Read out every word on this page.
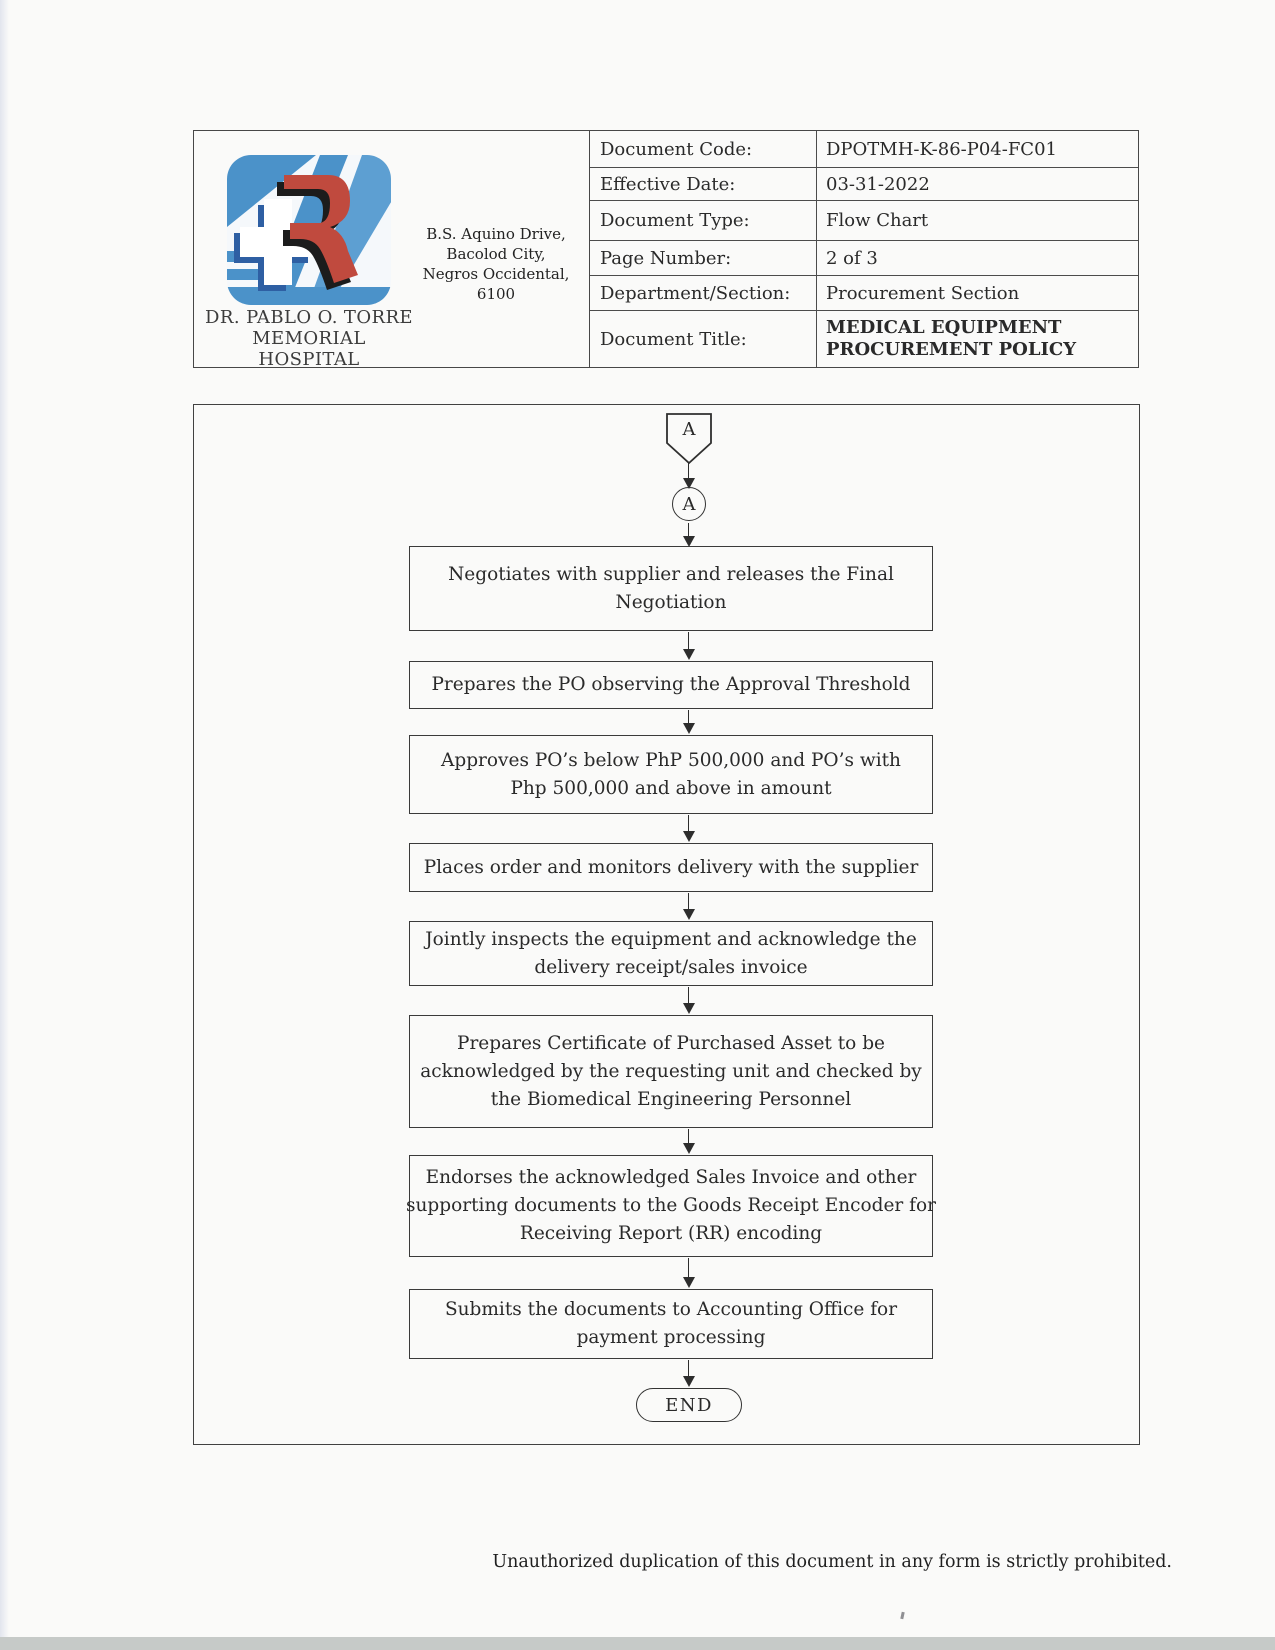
DR. PABLO O. TORRE
MEMORIAL HOSPITAL
B.S. Aquino Drive,
Bacolod City,
Negros Occidental,
6100
Document Code:	DPOTMH-K-86-P04-FC01
Effective Date:	03-31-2022
Document Type:	Flow Chart
Page Number:	2 of 3
Department/Section:	Procurement Section
Document Title:
MEDICAL EQUIPMENT
PROCUREMENT POLICY
A
A
Negotiates with supplier and releases the Final
Negotiation
Prepares the PO observing the Approval Threshold
Approves PO’s below PhP 500,000 and PO’s with
Php 500,000 and above in amount
Places order and monitors delivery with the supplier
Jointly inspects the equipment and acknowledge the
delivery receipt/sales invoice
Prepares Certificate of Purchased Asset to be
acknowledged by the requesting unit and checked by
the Biomedical Engineering Personnel
Endorses the acknowledged Sales Invoice and other
supporting documents to the Goods Receipt Encoder for
Receiving Report (RR) encoding
Submits the documents to Accounting Office for
payment processing
END
Unauthorized duplication of this document in any form is strictly prohibited.
